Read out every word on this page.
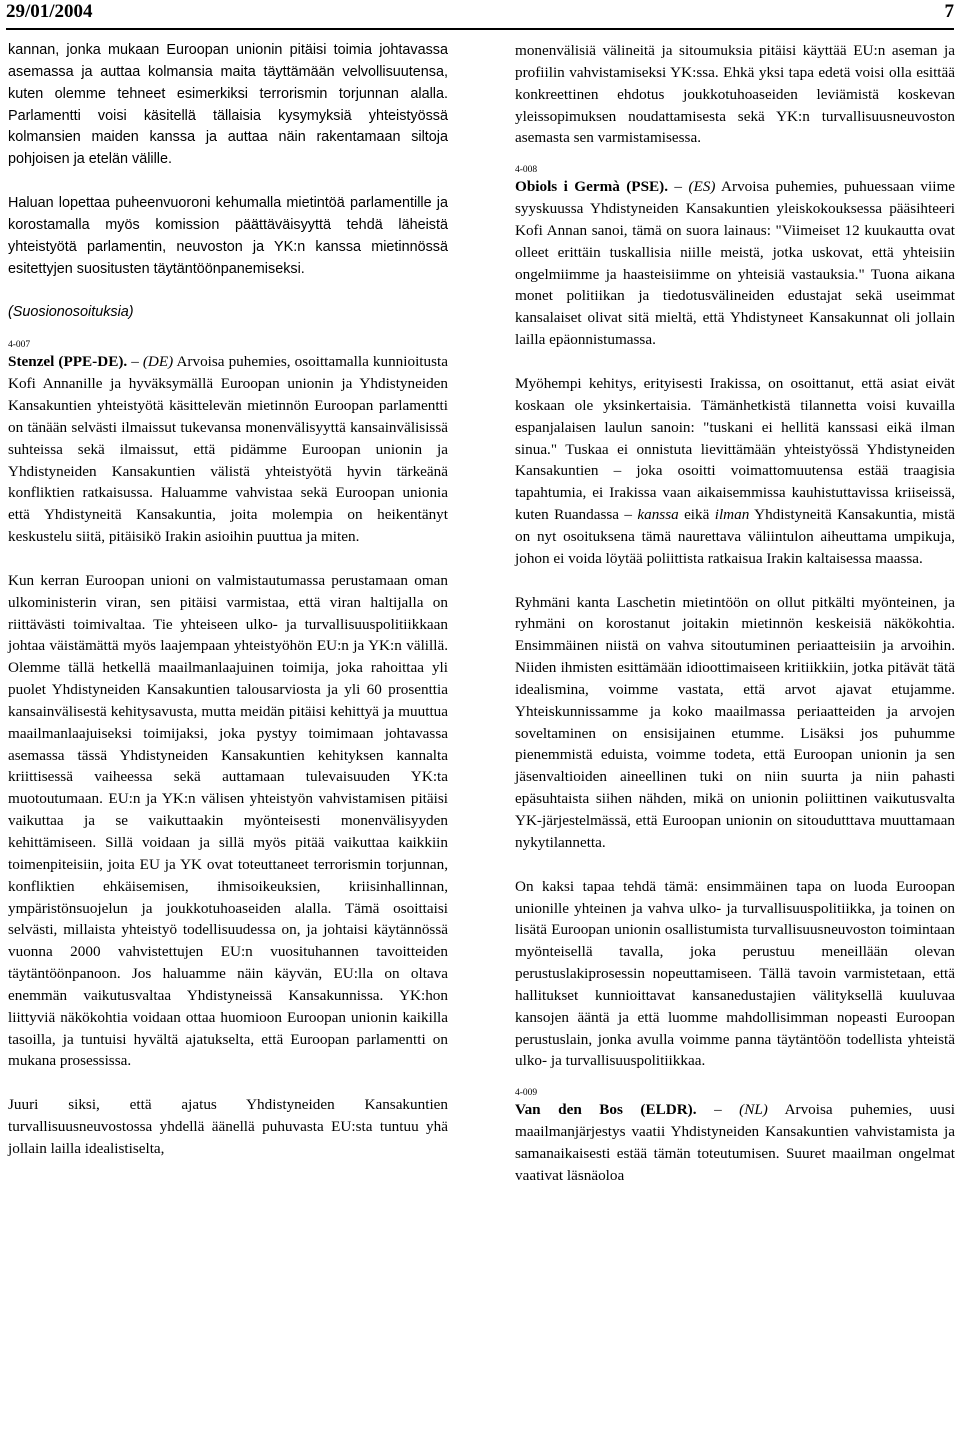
29/01/2004	7

kannan, jonka mukaan Euroopan unionin pitäisi toimia johtavassa asemassa ja auttaa kolmansia maita täyttämään velvollisuutensa, kuten olemme tehneet esimerkiksi terrorismin torjunnan alalla. Parlamentti voisi käsitellä tällaisia kysymyksiä yhteistyössä kolmansien maiden kanssa ja auttaa näin rakentamaan siltoja pohjoisen ja etelän välille.

Haluan lopettaa puheenvuoroni kehumalla mietintöä parlamentille ja korostamalla myös komission päättäväisyyttä tehdä läheistä yhteistyötä parlamentin, neuvoston ja YK:n kanssa mietinnössä esitettyjen suositusten täytäntöönpanemiseksi.

(Suosionosoituksia)

4-007

Stenzel (PPE-DE). – (DE) Arvoisa puhemies, osoittamalla kunnioitusta Kofi Annanille ja hyväksymällä Euroopan unionin ja Yhdistyneiden Kansakuntien yhteistyötä käsittelevän mietinnön Euroopan parlamentti on tänään selvästi ilmaissut tukevansa monenvälisyyttä kansainvälisissä suhteissa sekä ilmaissut, että pidämme Euroopan unionin ja Yhdistyneiden Kansakuntien välistä yhteistyötä hyvin tärkeänä konfliktien ratkaisussa. Haluamme vahvistaa sekä Euroopan unionia että Yhdistyneitä Kansakuntia, joita molempia on heikentänyt keskustelu siitä, pitäisikö Irakin asioihin puuttua ja miten.

Kun kerran Euroopan unioni on valmistautumassa perustamaan oman ulkoministerin viran, sen pitäisi varmistaa, että viran haltijalla on riittävästi toimivaltaa. Tie yhteiseen ulko- ja turvallisuuspolitiikkaan johtaa väistämättä myös laajempaan yhteistyöhön EU:n ja YK:n välillä. Olemme tällä hetkellä maailmanlaajuinen toimija, joka rahoittaa yli puolet Yhdistyneiden Kansakuntien talousarviosta ja yli 60 prosenttia kansainvälisestä kehitysavusta, mutta meidän pitäisi kehittyä ja muuttua maailmanlaajuiseksi toimijaksi, joka pystyy toimimaan johtavassa asemassa tässä Yhdistyneiden Kansakuntien kehityksen kannalta kriittisessä vaiheessa sekä auttamaan tulevaisuuden YK:ta muotoutumaan. EU:n ja YK:n välisen yhteistyön vahvistamisen pitäisi vaikuttaa ja se vaikuttaakin myönteisesti monenvälisyyden kehittämiseen. Sillä voidaan ja sillä myös pitää vaikuttaa kaikkiin toimenpiteisiin, joita EU ja YK ovat toteuttaneet terrorismin torjunnan, konfliktien ehkäisemisen, ihmisoikeuksien, kriisinhallinnan, ympäristönsuojelun ja joukkotuhoaseiden alalla. Tämä osoittaisi selvästi, millaista yhteistyö todellisuudessa on, ja johtaisi käytännössä vuonna 2000 vahvistettujen EU:n vuosituhannen tavoitteiden täytäntöönpanoon. Jos haluamme näin käyvän, EU:lla on oltava enemmän vaikutusvaltaa Yhdistyneissä Kansakunnissa. YK:hon liittyviä näkökohtia voidaan ottaa huomioon Euroopan unionin kaikilla tasoilla, ja tuntuisi hyvältä ajatukselta, että Euroopan parlamentti on mukana prosessissa.

Juuri siksi, että ajatus Yhdistyneiden Kansakuntien turvallisuusneuvostossa yhdellä äänellä puhuvasta EU:sta tuntuu yhä jollain lailla idealistiselta,

monenvälisiä välineitä ja sitoumuksia pitäisi käyttää EU:n aseman ja profiilin vahvistamiseksi YK:ssa. Ehkä yksi tapa edetä voisi olla esittää konkreettinen ehdotus joukkotuhoaseiden leviämistä koskevan yleissopimuksen noudattamisesta sekä YK:n turvallisuusneuvoston asemasta sen varmistamisessa.

4-008

Obiols i Germà (PSE). – (ES) Arvoisa puhemies, puhuessaan viime syyskuussa Yhdistyneiden Kansakuntien yleiskokouksessa pääsihteeri Kofi Annan sanoi, tämä on suora lainaus: "Viimeiset 12 kuukautta ovat olleet erittäin tuskallisia niille meistä, jotka uskovat, että yhteisiin ongelmiimme ja haasteisiimme on yhteisiä vastauksia." Tuona aikana monet politiikan ja tiedotusvälineiden edustajat sekä useimmat kansalaiset olivat sitä mieltä, että Yhdistyneet Kansakunnat oli jollain lailla epäonnistumassa.

Myöhempi kehitys, erityisesti Irakissa, on osoittanut, että asiat eivät koskaan ole yksinkertaisia. Tämänhetkistä tilannetta voisi kuvailla espanjalaisen laulun sanoin: "tuskani ei hellitä kanssasi eikä ilman sinua." Tuskaa ei onnistuta lievittämään yhteistyössä Yhdistyneiden Kansakuntien – joka osoitti voimattomuutensa estää traagisia tapahtumia, ei Irakissa vaan aikaisemmissa kauhistuttavissa kriiseissä, kuten Ruandassa – kanssa eikä ilman Yhdistyneitä Kansakuntia, mistä on nyt osoituksena tämä naurettava väliintulon aiheuttama umpikuja, johon ei voida löytää poliittista ratkaisua Irakin kaltaisessa maassa.

Ryhmäni kanta Laschetin mietintöön on ollut pitkälti myönteinen, ja ryhmäni on korostanut joitakin mietinnön keskeisiä näkökohtia. Ensimmäinen niistä on vahva sitoutuminen periaatteisiin ja arvoihin. Niiden ihmisten esittämään idioottimaiseen kritiikkiin, jotka pitävät tätä idealismina, voimme vastata, että arvot ajavat etujamme. Yhteiskunnissamme ja koko maailmassa periaatteiden ja arvojen soveltaminen on ensisijainen etumme. Lisäksi jos puhumme pienemmistä eduista, voimme todeta, että Euroopan unionin ja sen jäsenvaltioiden aineellinen tuki on niin suurta ja niin pahasti epäsuhtaista siihen nähden, mikä on unionin poliittinen vaikutusvalta YK-järjestelmässä, että Euroopan unionin on sitoudutttava muuttamaan nykytilannetta.

On kaksi tapaa tehdä tämä: ensimmäinen tapa on luoda Euroopan unionille yhteinen ja vahva ulko- ja turvallisuuspolitiikka, ja toinen on lisätä Euroopan unionin osallistumista turvallisuusneuvoston toimintaan myönteisellä tavalla, joka perustuu meneillään olevan perustuslakiprosessin nopeuttamiseen. Tällä tavoin varmistetaan, että hallitukset kunnioittavat kansanedustajien välityksellä kuuluvaa kansojen ääntä ja että luomme mahdollisimman nopeasti Euroopan perustuslain, jonka avulla voimme panna täytäntöön todellista yhteistä ulko- ja turvallisuuspolitiikkaa.

4-009

Van den Bos (ELDR). – (NL) Arvoisa puhemies, uusi maailmanjärjestys vaatii Yhdistyneiden Kansakuntien vahvistamista ja samanaikaisesti estää tämän toteutumisen. Suuret maailman ongelmat vaativat läsnäoloa
